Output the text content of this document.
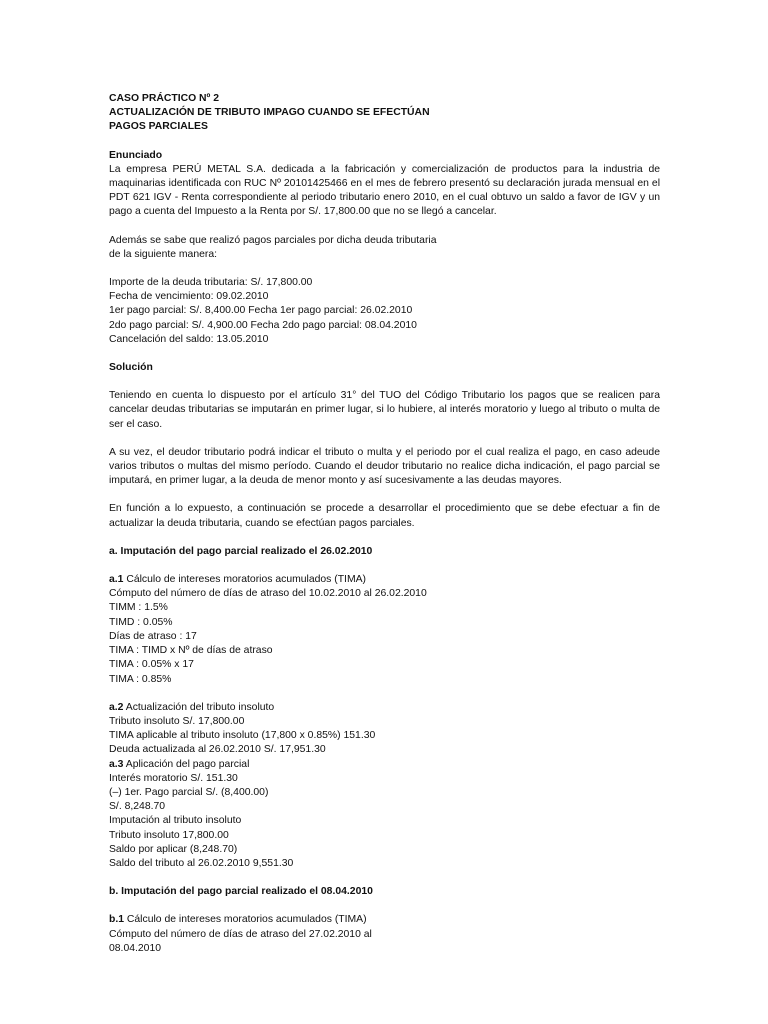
CASO PRÁCTICO Nº 2
ACTUALIZACIÓN DE TRIBUTO IMPAGO CUANDO SE EFECTÚAN
PAGOS PARCIALES
Enunciado

La empresa PERÚ METAL S.A. dedicada a la fabricación y comercialización de productos para la industria de maquinarias identificada con RUC Nº 20101425466 en el mes de febrero presentó su declaración jurada mensual en el PDT 621 IGV - Renta correspondiente al periodo tributario enero 2010, en el cual obtuvo un saldo a favor de IGV y un pago a cuenta del Impuesto a la Renta por S/. 17,800.00 que no se llegó a cancelar.

Además se sabe que realizó pagos parciales por dicha deuda tributaria
de la siguiente manera:
Importe de la deuda tributaria: S/. 17,800.00
Fecha de vencimiento: 09.02.2010
1er pago parcial: S/. 8,400.00 Fecha 1er pago parcial: 26.02.2010
2do pago parcial: S/. 4,900.00 Fecha 2do pago parcial: 08.04.2010
Cancelación del saldo: 13.05.2010
Solución

Teniendo en cuenta lo dispuesto por el artículo 31° del TUO del Código Tributario los pagos que se realicen para cancelar deudas tributarias se imputarán en primer lugar, si lo hubiere, al interés moratorio y luego al tributo o multa de ser el caso.

A su vez, el deudor tributario podrá indicar el tributo o multa y el periodo por el cual realiza el pago, en caso adeude varios tributos o multas del mismo período. Cuando el deudor tributario no realice dicha indicación, el pago parcial se imputará, en primer lugar, a la deuda de menor monto y así sucesivamente a las deudas mayores.

En función a lo expuesto, a continuación se procede a desarrollar el procedimiento que se debe efectuar a fin de actualizar la deuda tributaria, cuando se efectúan pagos parciales.

a. Imputación del pago parcial realizado el 26.02.2010
a.1 Cálculo de intereses moratorios acumulados (TIMA)
Cómputo del número de días de atraso del 10.02.2010 al 26.02.2010
TIMM : 1.5%
TIMD : 0.05%
Días de atraso : 17
TIMA : TIMD x Nº de días de atraso
TIMA : 0.05% x 17
TIMA : 0.85%
a.2 Actualización del tributo insoluto
Tributo insoluto S/. 17,800.00
TIMA aplicable al tributo insoluto (17,800 x 0.85%) 151.30
Deuda actualizada al 26.02.2010 S/. 17,951.30
a.3 Aplicación del pago parcial
Interés moratorio S/. 151.30
(–) 1er. Pago parcial S/. (8,400.00)
S/. 8,248.70
Imputación al tributo insoluto
Tributo insoluto 17,800.00
Saldo por aplicar (8,248.70)
Saldo del tributo al 26.02.2010 9,551.30
b. Imputación del pago parcial realizado el 08.04.2010
b.1 Cálculo de intereses moratorios acumulados (TIMA)
Cómputo del número de días de atraso del 27.02.2010 al
08.04.2010
